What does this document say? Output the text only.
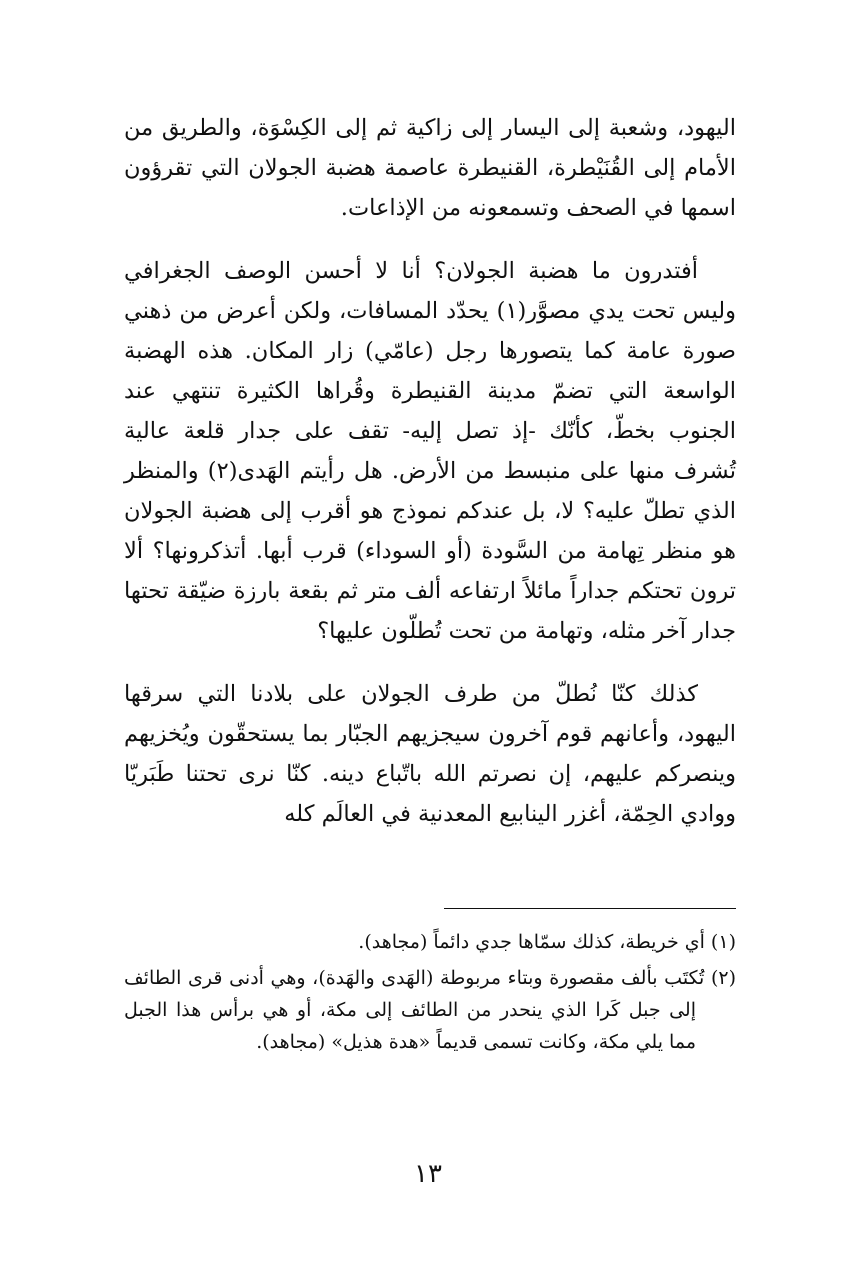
اليهود، وشعبة إلى اليسار إلى زاكية ثم إلى الكِسْوَة، والطريق من الأمام إلى القُنَيْطرة، القنيطرة عاصمة هضبة الجولان التي تقرؤون اسمها في الصحف وتسمعونه من الإذاعات.

أفتدرون ما هضبة الجولان؟ أنا لا أحسن الوصف الجغرافي وليس تحت يدي مصوَّر(١) يحدّد المسافات، ولكن أعرض من ذهني صورة عامة كما يتصورها رجل (عامّي) زار المكان. هذه الهضبة الواسعة التي تضمّ مدينة القنيطرة وقُراها الكثيرة تنتهي عند الجنوب بخطّ، كأنّك -إذ تصل إليه- تقف على جدار قلعة عالية تُشرف منها على منبسط من الأرض. هل رأيتم الهَدى(٢) والمنظر الذي تطلّ عليه؟ لا، بل عندكم نموذج هو أقرب إلى هضبة الجولان هو منظر تِهامة من السَّودة (أو السوداء) قرب أبها. أتذكرونها؟ ألا ترون تحتكم جداراً مائلاً ارتفاعه ألف متر ثم بقعة بارزة ضيّقة تحتها جدار آخر مثله، وتهامة من تحت تُطلّون عليها؟

كذلك كنّا نُطلّ من طرف الجولان على بلادنا التي سرقها اليهود، وأعانهم قوم آخرون سيجزيهم الجبّار بما يستحقّون ويُخزيهم وينصركم عليهم، إن نصرتم الله باتّباع دينه. كنّا نرى تحتنا طَبَريّا ووادي الحِمّة، أغزر الينابيع المعدنية في العالَم كله

(١) أي خريطة، كذلك سمّاها جدي دائماً (مجاهد).

(٢) تُكتَب بألف مقصورة وبتاء مربوطة (الهَدى والهَدة)، وهي أدنى قرى الطائف إلى جبل كَرا الذي ينحدر من الطائف إلى مكة، أو هي برأس هذا الجبل مما يلي مكة، وكانت تسمى قديماً «هدة هذيل» (مجاهد).

١٣
